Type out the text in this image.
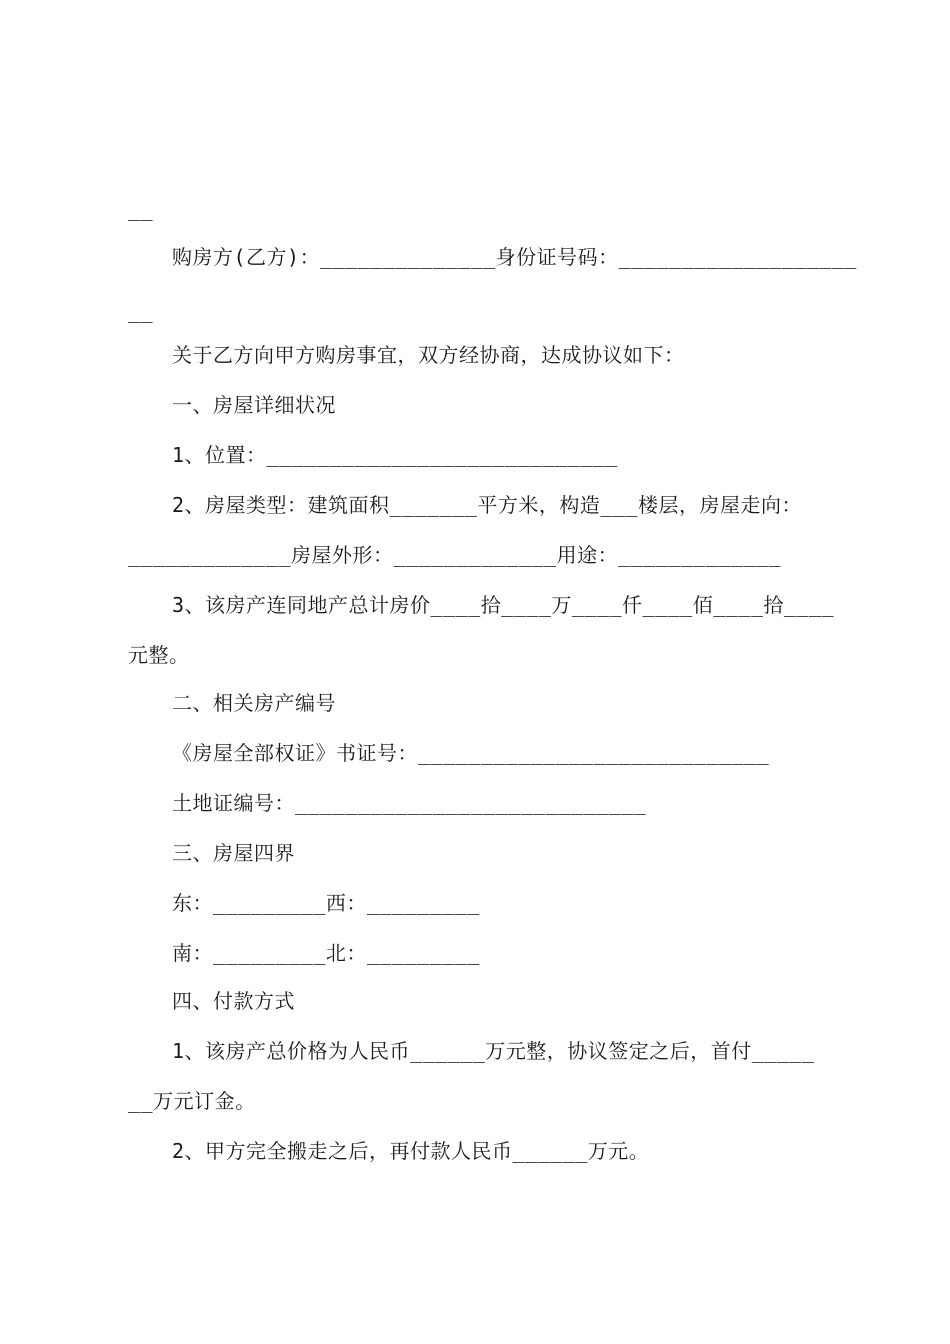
__
购房方(乙方)：______________身份证号码：___________________
__
关于乙方向甲方购房事宜，双方经协商，达成协议如下：
一、房屋详细状况
1、位置：____________________________
2、房屋类型：建筑面积_______平方米，构造___楼层，房屋走向：
_____________房屋外形：_____________用途：_____________
3、该房产连同地产总计房价____拾____万____仟____佰____拾____
元整。
二、相关房产编号
《房屋全部权证》书证号：____________________________
土地证编号：____________________________
三、房屋四界
东：_________西：_________
南：_________北：_________
四、付款方式
1、该房产总价格为人民币______万元整，协议签定之后，首付_____
__万元订金。
2、甲方完全搬走之后，再付款人民币______万元。
